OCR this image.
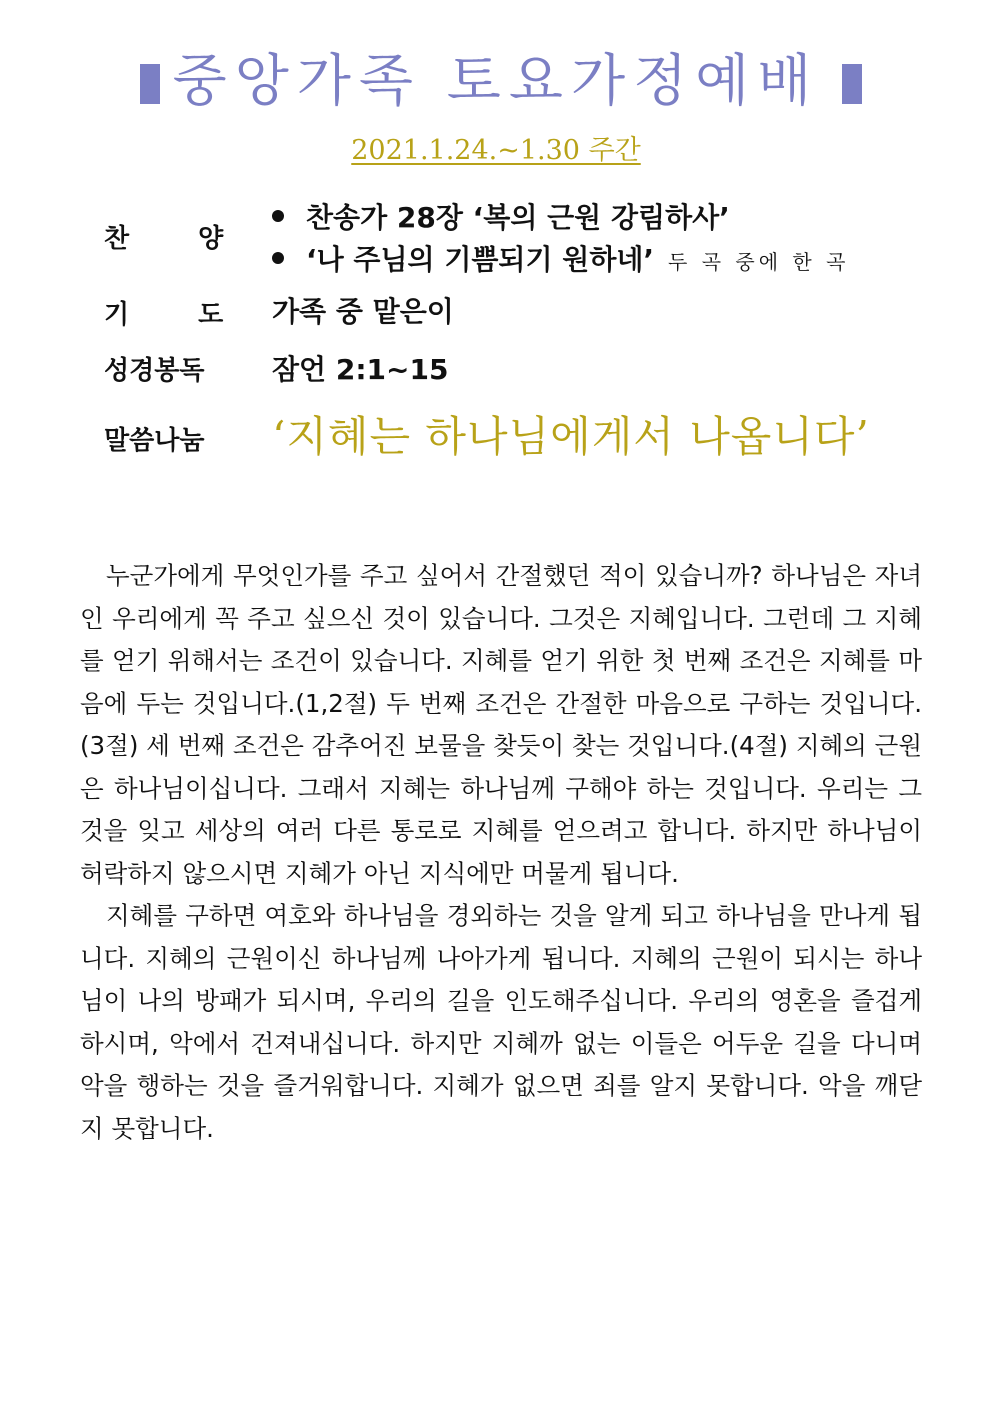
중앙가족 토요가정예배
2021.1.24.~1.30 주간
찬 양
찬송가 28장 ‘복의 근원 강림하사’
‘나 주님의 기쁨되기 원하네’ 두 곡 중에 한 곡
기 도 가족 중 맡은이
성경봉독 잠언 2:1~15
말씀나눔 ‘지혜는 하나님에게서 나옵니다’

누군가에게 무엇인가를 주고 싶어서 간절했던 적이 있습니까? 하나님은 자녀인 우리에게 꼭 주고 싶으신 것이 있습니다. 그것은 지혜입니다. 그런데 그 지혜를 얻기 위해서는 조건이 있습니다. 지혜를 얻기 위한 첫 번째 조건은 지혜를 마음에 두는 것입니다.(1,2절) 두 번째 조건은 간절한 마음으로 구하는 것입니다.(3절) 세 번째 조건은 감추어진 보물을 찾듯이 찾는 것입니다.(4절) 지혜의 근원은 하나님이십니다. 그래서 지혜는 하나님께 구해야 하는 것입니다. 우리는 그것을 잊고 세상의 여러 다른 통로로 지혜를 얻으려고 합니다. 하지만 하나님이 허락하지 않으시면 지혜가 아닌 지식에만 머물게 됩니다.

지혜를 구하면 여호와 하나님을 경외하는 것을 알게 되고 하나님을 만나게 됩니다. 지혜의 근원이신 하나님께 나아가게 됩니다. 지혜의 근원이 되시는 하나님이 나의 방패가 되시며, 우리의 길을 인도해주십니다. 우리의 영혼을 즐겁게 하시며, 악에서 건져내십니다. 하지만 지혜까 없는 이들은 어두운 길을 다니며 악을 행하는 것을 즐거워합니다. 지혜가 없으면 죄를 알지 못합니다. 악을 깨닫지 못합니다.
